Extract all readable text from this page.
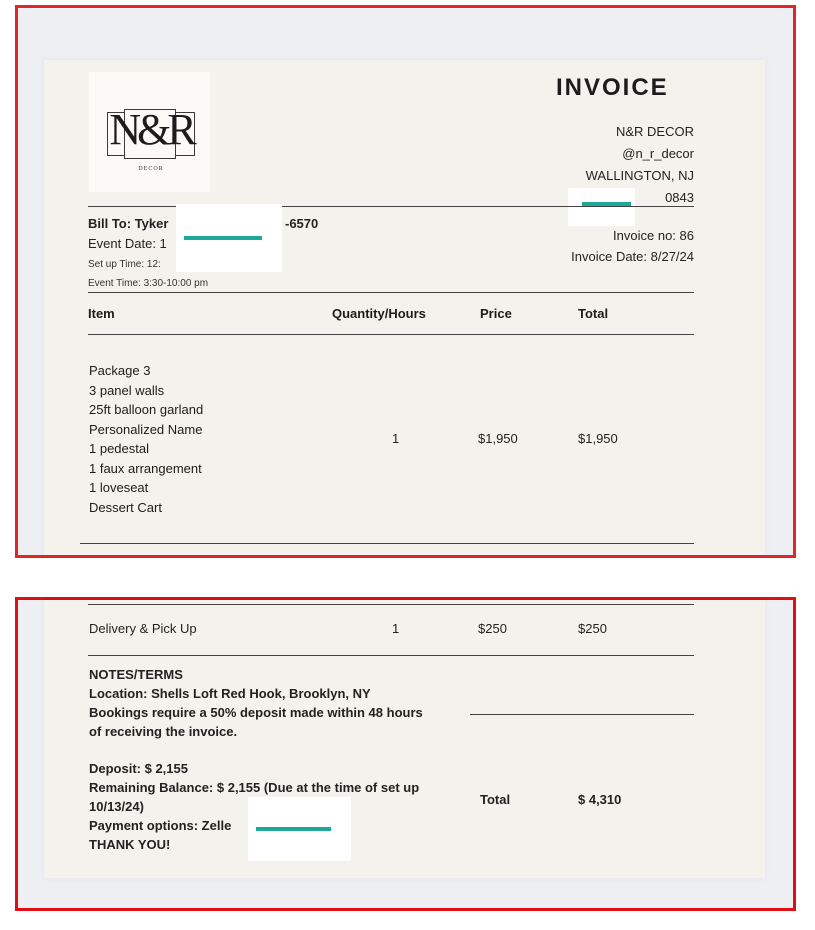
N&R
DECOR
INVOICE
N&R DECOR
@n_r_decor
WALLINGTON, NJ
0843
Bill To: Tyker	-6570
Event Date: 1
Set up Time: 12:
Event Time: 3:30-10:00 pm
Invoice no: 86
Invoice Date: 8/27/24
Item	Quantity/Hours	Price	Total
Package 3
3 panel walls
25ft balloon garland
Personalized Name
1 pedestal
1 faux arrangement
1 loveseat
Dessert Cart
1	$1,950	$1,950
Delivery & Pick Up	1	$250	$250
NOTES/TERMS
Location: Shells Loft Red Hook, Brooklyn, NY
Bookings require a 50% deposit made within 48 hours
of receiving the invoice.
Deposit: $ 2,155
Remaining Balance: $ 2,155 (Due at the time of set up
10/13/24)
Payment options: Zelle
THANK YOU!
Total	$ 4,310
